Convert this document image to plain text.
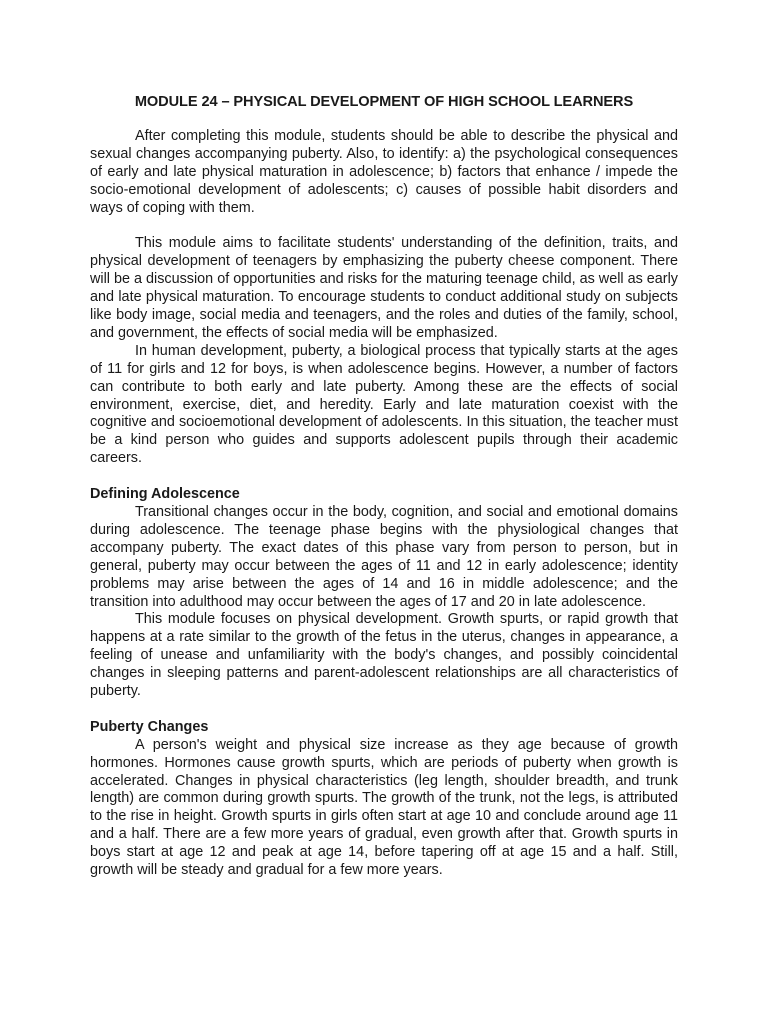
MODULE 24 – PHYSICAL DEVELOPMENT OF HIGH SCHOOL LEARNERS

After completing this module, students should be able to describe the physical and sexual changes accompanying puberty. Also, to identify: a) the psychological consequences of early and late physical maturation in adolescence; b) factors that enhance / impede the socio-emotional development of adolescents; c) causes of possible habit disorders and ways of coping with them.

This module aims to facilitate students' understanding of the definition, traits, and physical development of teenagers by emphasizing the puberty cheese component. There will be a discussion of opportunities and risks for the maturing teenage child, as well as early and late physical maturation. To encourage students to conduct additional study on subjects like body image, social media and teenagers, and the roles and duties of the family, school, and government, the effects of social media will be emphasized.

In human development, puberty, a biological process that typically starts at the ages of 11 for girls and 12 for boys, is when adolescence begins. However, a number of factors can contribute to both early and late puberty. Among these are the effects of social environment, exercise, diet, and heredity. Early and late maturation coexist with the cognitive and socioemotional development of adolescents. In this situation, the teacher must be a kind person who guides and supports adolescent pupils through their academic careers.

Defining Adolescence

Transitional changes occur in the body, cognition, and social and emotional domains during adolescence. The teenage phase begins with the physiological changes that accompany puberty. The exact dates of this phase vary from person to person, but in general, puberty may occur between the ages of 11 and 12 in early adolescence; identity problems may arise between the ages of 14 and 16 in middle adolescence; and the transition into adulthood may occur between the ages of 17 and 20 in late adolescence.

This module focuses on physical development. Growth spurts, or rapid growth that happens at a rate similar to the growth of the fetus in the uterus, changes in appearance, a feeling of unease and unfamiliarity with the body's changes, and possibly coincidental changes in sleeping patterns and parent-adolescent relationships are all characteristics of puberty.

Puberty Changes

A person's weight and physical size increase as they age because of growth hormones. Hormones cause growth spurts, which are periods of puberty when growth is accelerated. Changes in physical characteristics (leg length, shoulder breadth, and trunk length) are common during growth spurts. The growth of the trunk, not the legs, is attributed to the rise in height. Growth spurts in girls often start at age 10 and conclude around age 11 and a half. There are a few more years of gradual, even growth after that. Growth spurts in boys start at age 12 and peak at age 14, before tapering off at age 15 and a half. Still, growth will be steady and gradual for a few more years.
